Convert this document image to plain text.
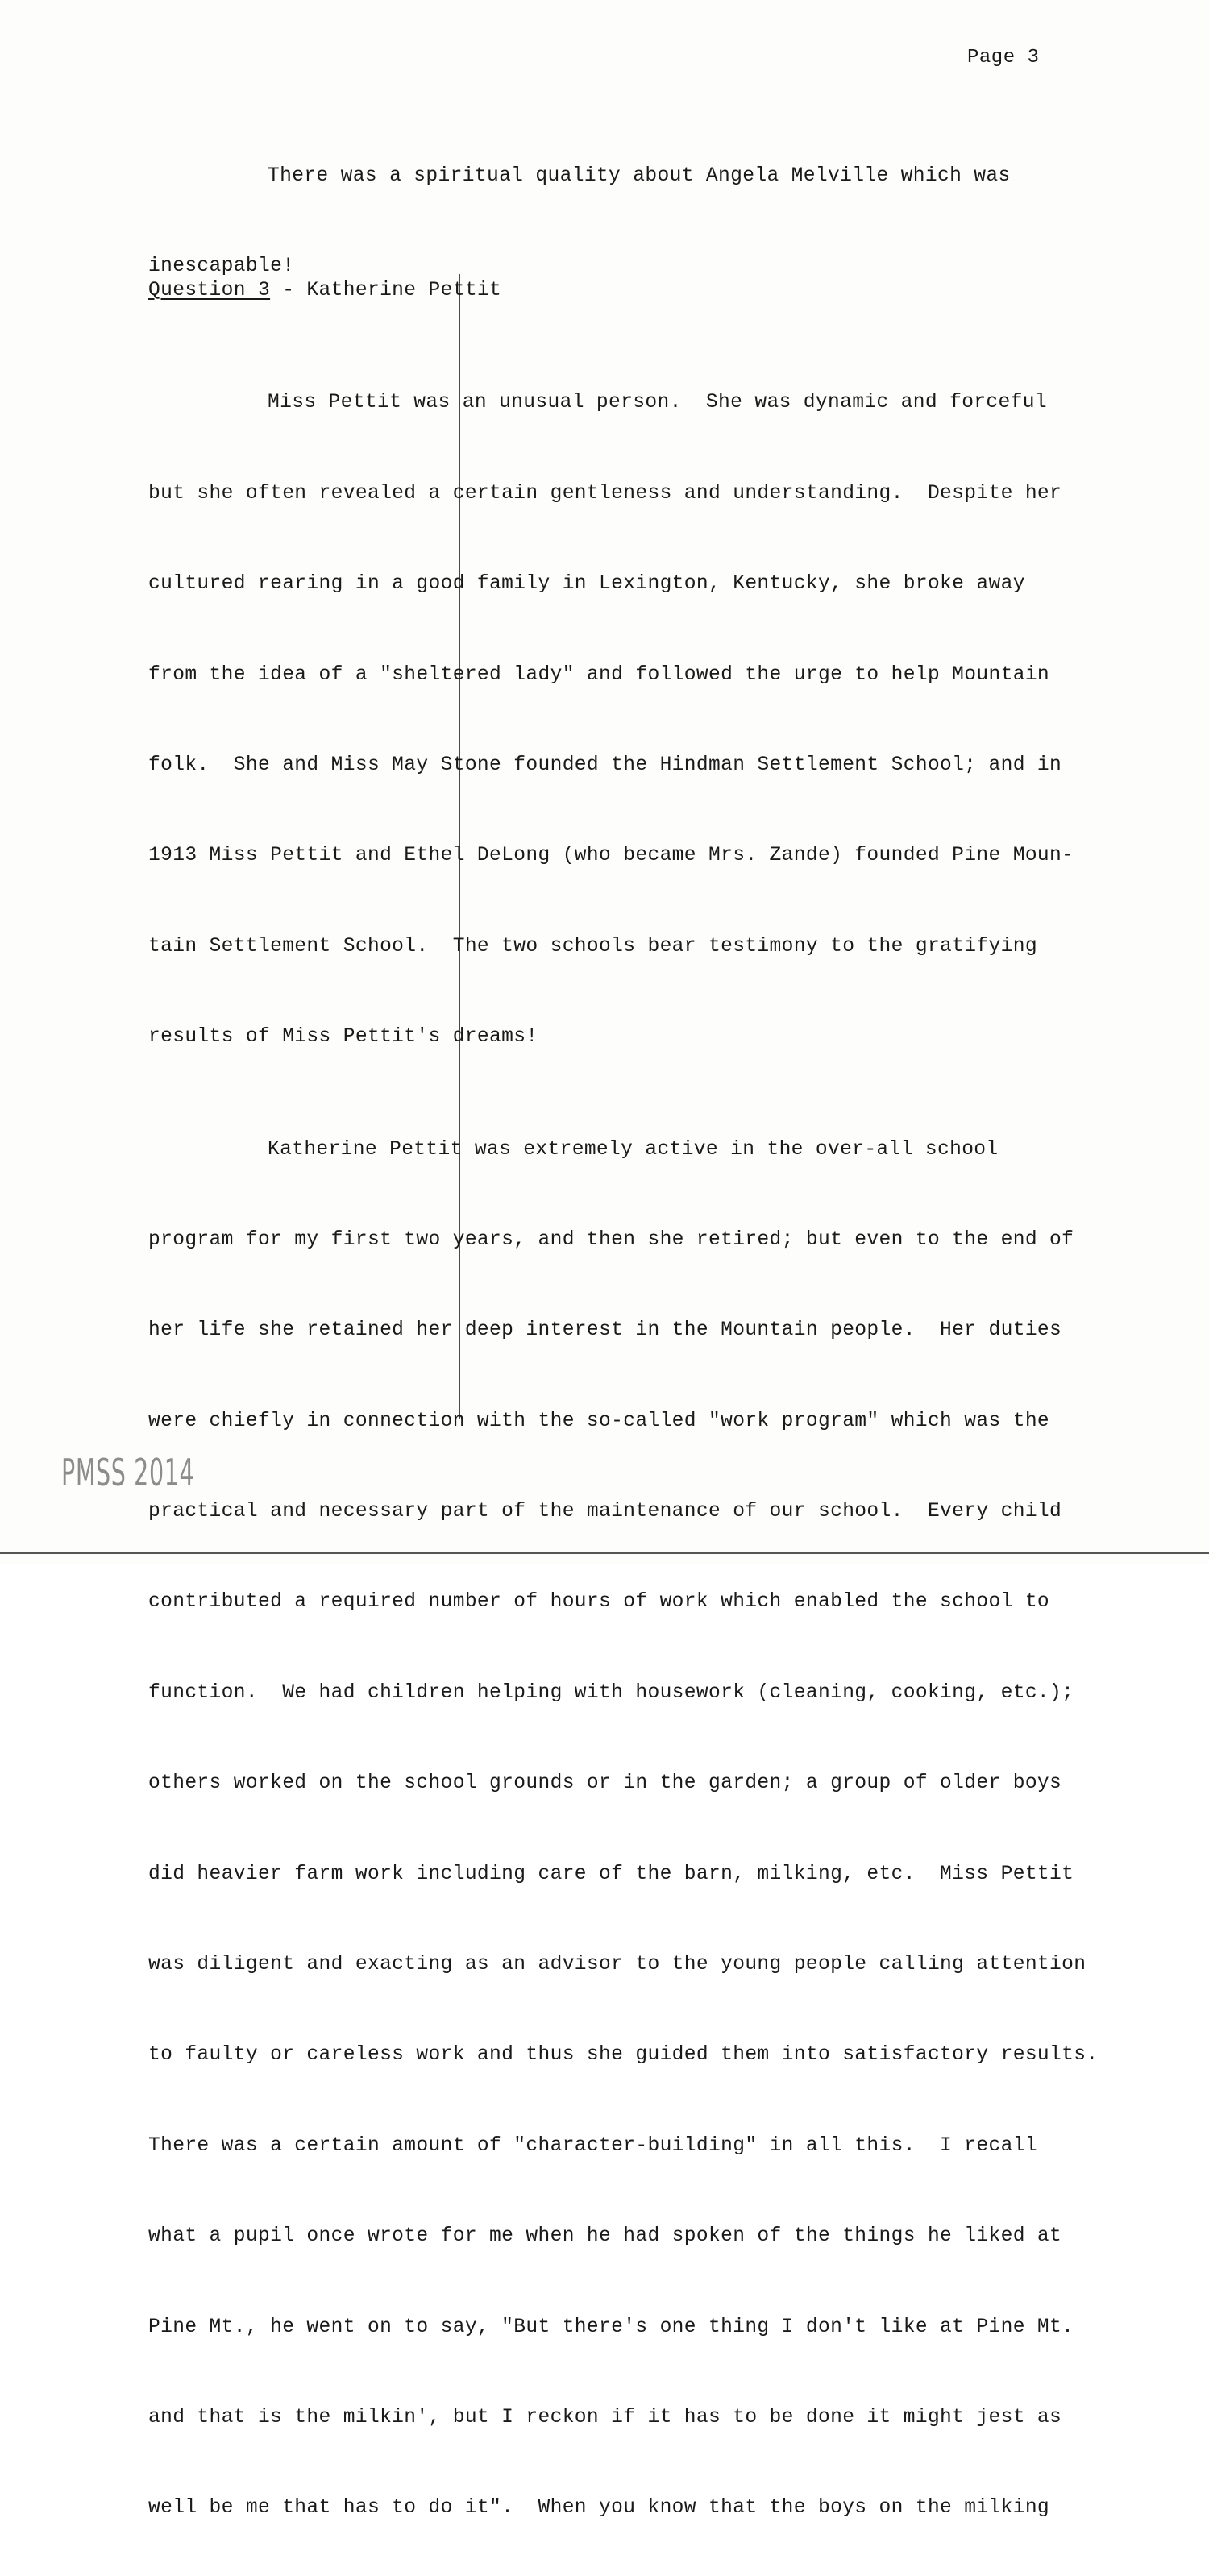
Page 3

There was a spiritual quality about Angela Melville which was

inescapable!

Question 3 - Katherine Pettit

Miss Pettit was an unusual person.  She was dynamic and forceful

but she often revealed a certain gentleness and understanding.  Despite her

cultured rearing in a good family in Lexington, Kentucky, she broke away

from the idea of a "sheltered lady" and followed the urge to help Mountain

folk.  She and Miss May Stone founded the Hindman Settlement School; and in

1913 Miss Pettit and Ethel DeLong (who became Mrs. Zande) founded Pine Moun-

tain Settlement School.  The two schools bear testimony to the gratifying

results of Miss Pettit's dreams!

Katherine Pettit was extremely active in the over-all school

program for my first two years, and then she retired; but even to the end of

her life she retained her deep interest in the Mountain people.  Her duties

were chiefly in connection with the so-called "work program" which was the

practical and necessary part of the maintenance of our school.  Every child

contributed a required number of hours of work which enabled the school to

function.  We had children helping with housework (cleaning, cooking, etc.);

others worked on the school grounds or in the garden; a group of older boys

did heavier farm work including care of the barn, milking, etc.  Miss Pettit

was diligent and exacting as an advisor to the young people calling attention

to faulty or careless work and thus she guided them into satisfactory results.

There was a certain amount of "character-building" in all this.  I recall

what a pupil once wrote for me when he had spoken of the things he liked at

Pine Mt., he went on to say, "But there's one thing I don't like at Pine Mt.

and that is the milkin', but I reckon if it has to be done it might jest as

well be me that has to do it".  When you know that the boys on the milking

PMSS 2014
